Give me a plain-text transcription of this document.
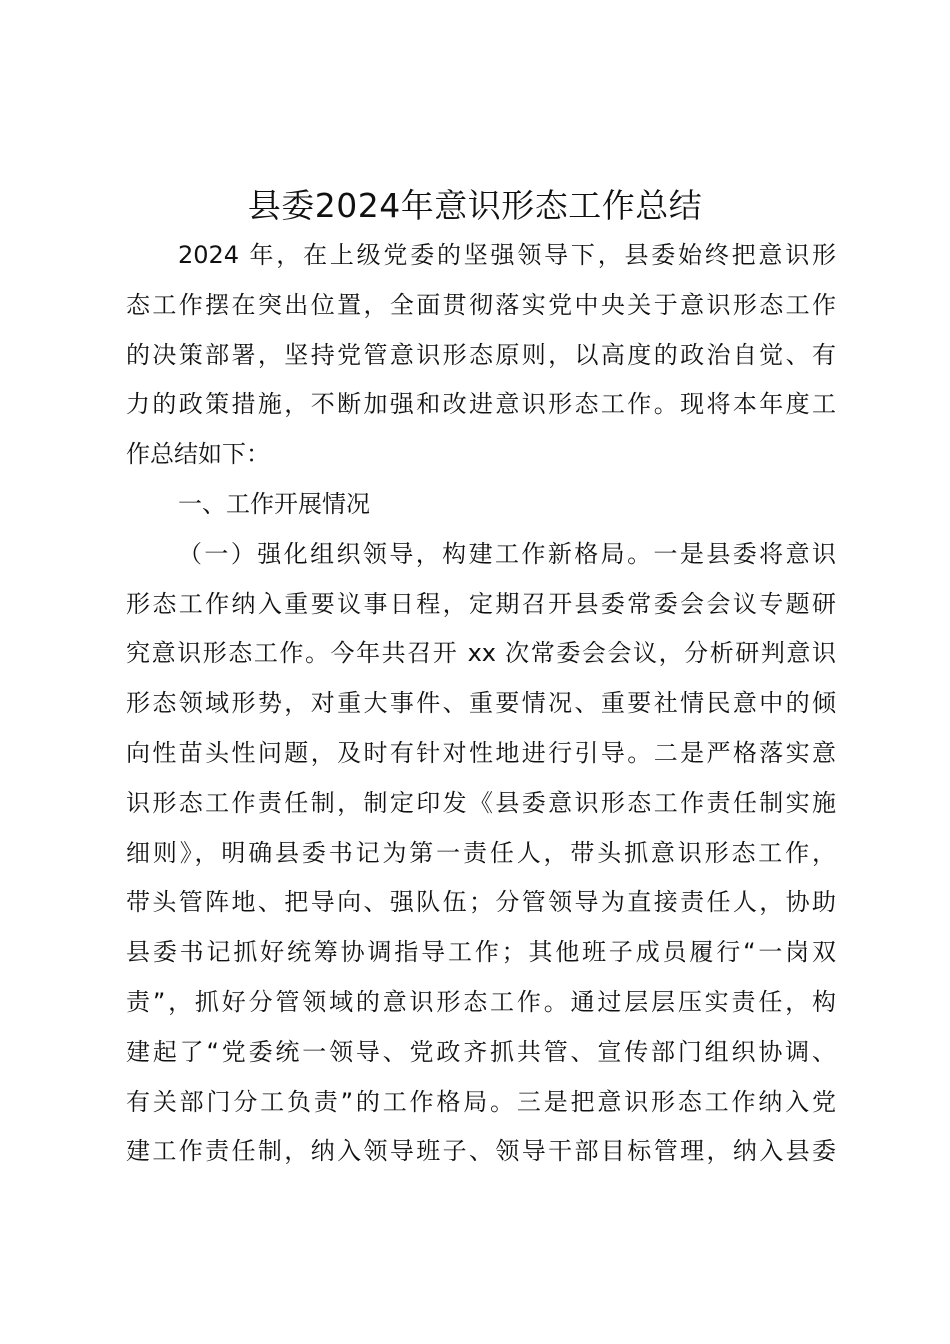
县委2024年意识形态工作总结
2024 年，在上级党委的坚强领导下，县委始终把意识形
态工作摆在突出位置，全面贯彻落实党中央关于意识形态工作
的决策部署，坚持党管意识形态原则，以高度的政治自觉、有
力的政策措施，不断加强和改进意识形态工作。现将本年度工
作总结如下：
一、工作开展情况
（一）强化组织领导，构建工作新格局。一是县委将意识
形态工作纳入重要议事日程，定期召开县委常委会会议专题研
究意识形态工作。今年共召开 xx 次常委会会议，分析研判意识
形态领域形势，对重大事件、重要情况、重要社情民意中的倾
向性苗头性问题，及时有针对性地进行引导。二是严格落实意
识形态工作责任制，制定印发《县委意识形态工作责任制实施
细则》，明确县委书记为第一责任人，带头抓意识形态工作，
带头管阵地、把导向、强队伍；分管领导为直接责任人，协助
县委书记抓好统筹协调指导工作；其他班子成员履行“一岗双
责”，抓好分管领域的意识形态工作。通过层层压实责任，构
建起了“党委统一领导、党政齐抓共管、宣传部门组织协调、
有关部门分工负责”的工作格局。三是把意识形态工作纳入党
建工作责任制，纳入领导班子、领导干部目标管理，纳入县委
